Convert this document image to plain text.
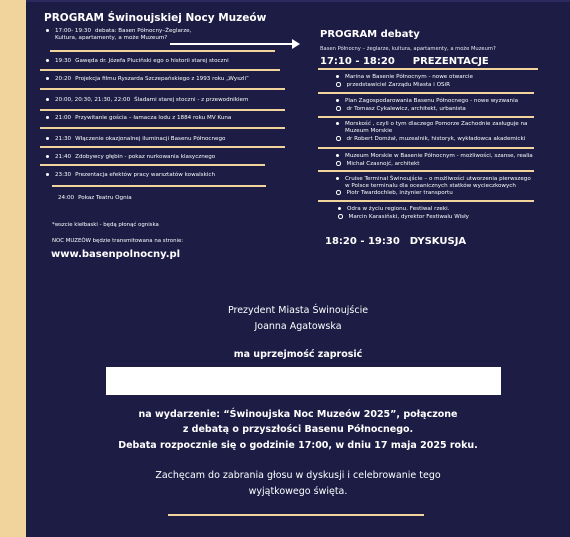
PROGRAM Świnoujskiej Nocy Muzeów
17:00- 19:30 debata: Basen Północny–Żeglarze,
Kultura, apartamenty, a może Muzeum?
19:30 Gawęda dr. Józefa Pluciński ego o historii starej stoczni
20:20 Projekcja filmu Ryszarda Szczepańskiego z 1993 roku „Wyszli”
20:00, 20:30, 21:30, 22:00 Śladami starej stoczni - z przewodnikiem
21:00 Przywitanie gościa – łamacza lodu z 1884 roku MV Kuna
21:30 Włączenie okazjonalnej iluminacji Basenu Północnego
21:40 Zdobywcy głębin - pokaz nurkowania klasycznego
23:30 Prezentacja efektów pracy warsztatów kowalskich
24:00 Pokaz Teatru Ognia
*wszcie kiełbaski - będą płonąć ogniska
NOC MUZEÓW będzie transmitowana na stronie:
www.basenpolnocny.pl
PROGRAM debaty
Basen Północny – żeglarze, kultura, apartamenty, a może Muzeum?
17:10 - 18:20 PREZENTACJE
Marina w Basenie Północnym - nowe otwarcie
przedstawiciel Zarządu Miasta i OSiR
Plan Zagospodarowania Basenu Północnego - nowe wyzwania
dr Tomasz Cykalewicz, architekt, urbanista
Morskość , czyli o tym dlaczego Pomorze Zachodnie zasługuje na
Muzeum Morskie
dr Robert Domżał, muzealnik, historyk, wykładowca akademicki
Muzeum Morskie w Basenie Północnym - możliwości, szanse, realia
Michał Czasnojć, architekt
Cruise Terminal Świnoujście – o możliwości utworzenia pierwszego
w Polsce terminalu dla oceanicznych statków wycieczkowych
Piotr Twardochleb, inżynier transportu
Odra w życiu regionu. Festiwal rzeki.
Marcin Karasiński, dyrektor Festiwalu Wisły
18:20 - 19:30 DYSKUSJA
Prezydent Miasta Świnoujście
Joanna Agatowska
ma uprzejmość zaprosić
na wydarzenie: “Świnoujska Noc Muzeów 2025”, połączone
z debatą o przyszłości Basenu Północnego.
Debata rozpocznie się o godzinie 17:00, w dniu 17 maja 2025 roku.
Zachęcam do zabrania głosu w dyskusji i celebrowanie tego
wyjątkowego święta.
